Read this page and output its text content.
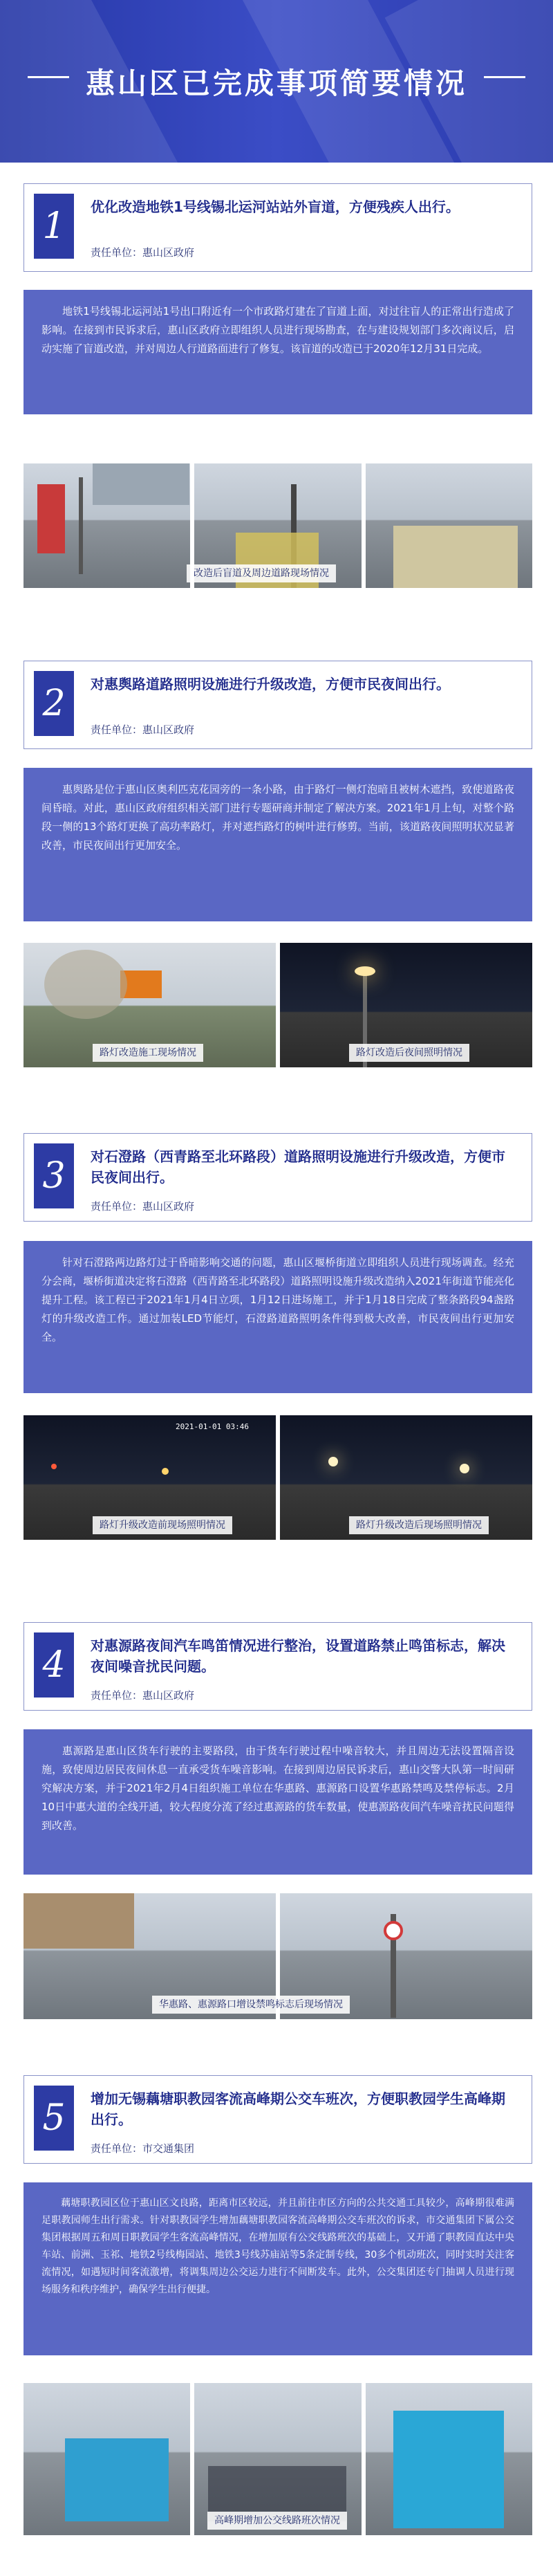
惠山区已完成事项简要情况
1	优化改造地铁1号线锡北运河站站外盲道，方便残疾人出行。
责任单位：惠山区政府
地铁1号线锡北运河站1号出口附近有一个市政路灯建在了盲道上面，对过往盲人的正常出行造成了影响。在接到市民诉求后，惠山区政府立即组织人员进行现场勘查，在与建设规划部门多次商议后，启动实施了盲道改造，并对周边人行道路面进行了修复。该盲道的改造已于2020年12月31日完成。
改造后盲道及周边道路现场情况
2	对惠舆路道路照明设施进行升级改造，方便市民夜间出行。
责任单位：惠山区政府
惠舆路是位于惠山区奥利匹克花园旁的一条小路，由于路灯一侧灯泡暗且被树木遮挡，致使道路夜间昏暗。对此，惠山区政府组织相关部门进行专题研商并制定了解决方案。2021年1月上旬，对整个路段一侧的13个路灯更换了高功率路灯，并对遮挡路灯的树叶进行修剪。当前，该道路夜间照明状况显著改善，市民夜间出行更加安全。
路灯改造施工现场情况	路灯改造后夜间照明情况
3	对石澄路（西青路至北环路段）道路照明设施进行升级改造，方便市民夜间出行。
责任单位：惠山区政府
针对石澄路两边路灯过于昏暗影响交通的问题，惠山区堰桥街道立即组织人员进行现场调查。经充分会商，堰桥街道决定将石澄路（西青路至北环路段）道路照明设施升级改造纳入2021年街道节能亮化提升工程。该工程已于2021年1月4日立项，1月12日进场施工，并于1月18日完成了整条路段94盏路灯的升级改造工作。通过加装LED节能灯，石澄路道路照明条件得到极大改善，市民夜间出行更加安全。
2021-01-01 03:46
路灯升级改造前现场照明情况	路灯升级改造后现场照明情况
4	对惠源路夜间汽车鸣笛情况进行整治，设置道路禁止鸣笛标志，解决夜间噪音扰民问题。
责任单位：惠山区政府
惠源路是惠山区货车行驶的主要路段，由于货车行驶过程中噪音较大，并且周边无法设置隔音设施，致使周边居民夜间休息一直承受货车噪音影响。在接到周边居民诉求后，惠山交警大队第一时间研究解决方案，并于2021年2月4日组织施工单位在华惠路、惠源路口设置华惠路禁鸣及禁停标志。2月10日中惠大道的全线开通，较大程度分流了经过惠源路的货车数量，使惠源路夜间汽车噪音扰民问题得到改善。
华惠路、惠源路口增设禁鸣标志后现场情况
5	增加无锡藕塘职教园客流高峰期公交车班次，方便职教园学生高峰期出行。
责任单位：市交通集团
藕塘职教园区位于惠山区文良路，距离市区较远，并且前往市区方向的公共交通工具较少，高峰期很难满足职教园师生出行需求。针对职教园学生增加藕塘职教园客流高峰期公交车班次的诉求，市交通集团下属公交集团根据周五和周日职教园学生客流高峰情况，在增加原有公交线路班次的基础上，又开通了职教园直达中央车站、前洲、玉祁、地铁2号线梅园站、地铁3号线苏庙站等5条定制专线，30多个机动班次，同时实时关注客流情况，如遇短时间客流激增，将调集周边公交运力进行不间断发车。此外，公交集团还专门抽调人员进行现场服务和秩序维护，确保学生出行便捷。
高峰期增加公交线路班次情况
